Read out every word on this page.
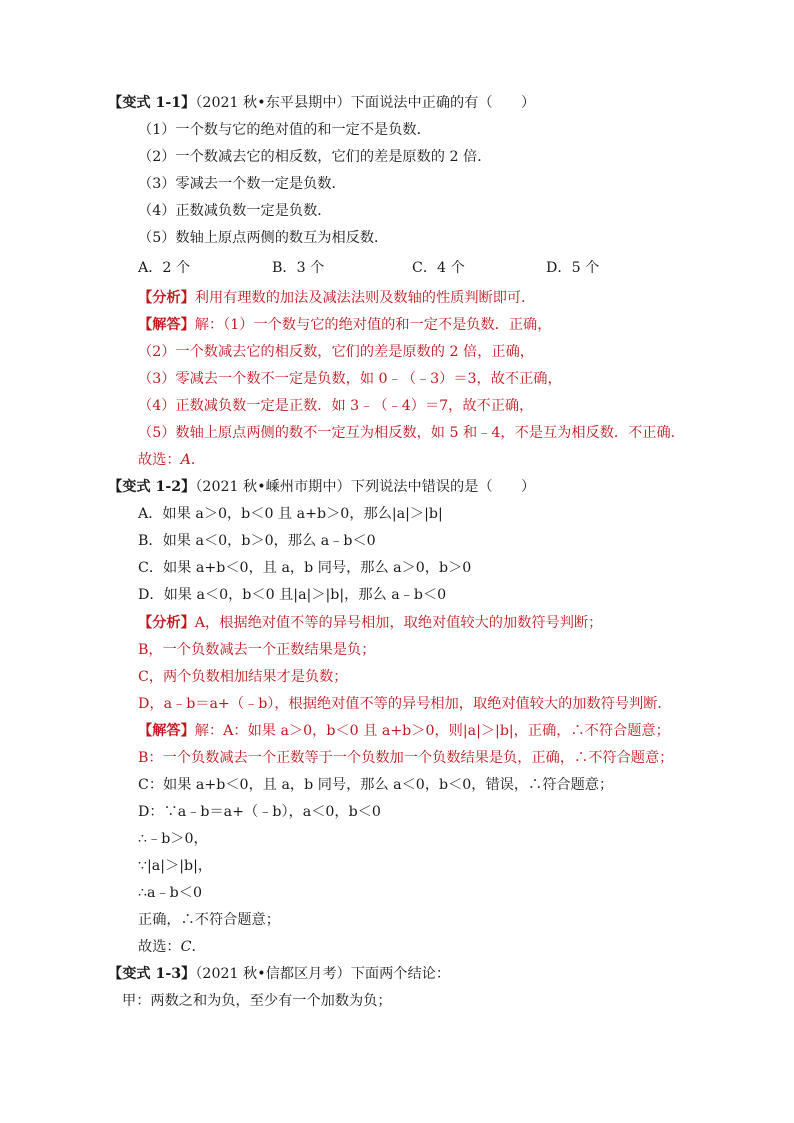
【变式 1-1】（2021 秋•东平县期中）下面说法中正确的有（　　）
（1）一个数与它的绝对值的和一定不是负数．
（2）一个数减去它的相反数，它们的差是原数的 2 倍．
（3）零减去一个数一定是负数．
（4）正数减负数一定是负数．
（5）数轴上原点两侧的数互为相反数．
A．2 个	B．3 个	C．4 个	D．5 个
【分析】利用有理数的加法及减法法则及数轴的性质判断即可．
【解答】解：（1）一个数与它的绝对值的和一定不是负数．正确，
（2）一个数减去它的相反数，它们的差是原数的 2 倍，正确，
（3）零减去一个数不一定是负数，如 0﹣（﹣3）＝3，故不正确，
（4）正数减负数一定是正数．如 3﹣（﹣4）＝7，故不正确，
（5）数轴上原点两侧的数不一定互为相反数，如 5 和﹣4，不是互为相反数．不正确．
故选：A．
【变式 1-2】（2021 秋•嵊州市期中）下列说法中错误的是（　　）
A．如果 a＞0，b＜0 且 a+b＞0，那么|a|＞|b|
B．如果 a＜0，b＞0，那么 a﹣b＜0
C．如果 a+b＜0，且 a，b 同号，那么 a＞0，b＞0
D．如果 a＜0，b＜0 且|a|＞|b|，那么 a﹣b＜0
【分析】A，根据绝对值不等的异号相加，取绝对值较大的加数符号判断；
B，一个负数减去一个正数结果是负；
C，两个负数相加结果才是负数；
D，a﹣b＝a+（﹣b），根据绝对值不等的异号相加，取绝对值较大的加数符号判断．
【解答】解：A：如果 a＞0，b＜0 且 a+b＞0，则|a|＞|b|，正确，∴不符合题意；
B：一个负数减去一个正数等于一个负数加一个负数结果是负，正确，∴不符合题意；
C：如果 a+b＜0，且 a，b 同号，那么 a＜0，b＜0，错误，∴符合题意；
D：∵a﹣b＝a+（﹣b），a＜0，b＜0
∴﹣b＞0，
∵|a|＞|b|，
∴a﹣b＜0
正确，∴不符合题意；
故选：C．
【变式 1-3】（2021 秋•信都区月考）下面两个结论：
甲：两数之和为负，至少有一个加数为负；
